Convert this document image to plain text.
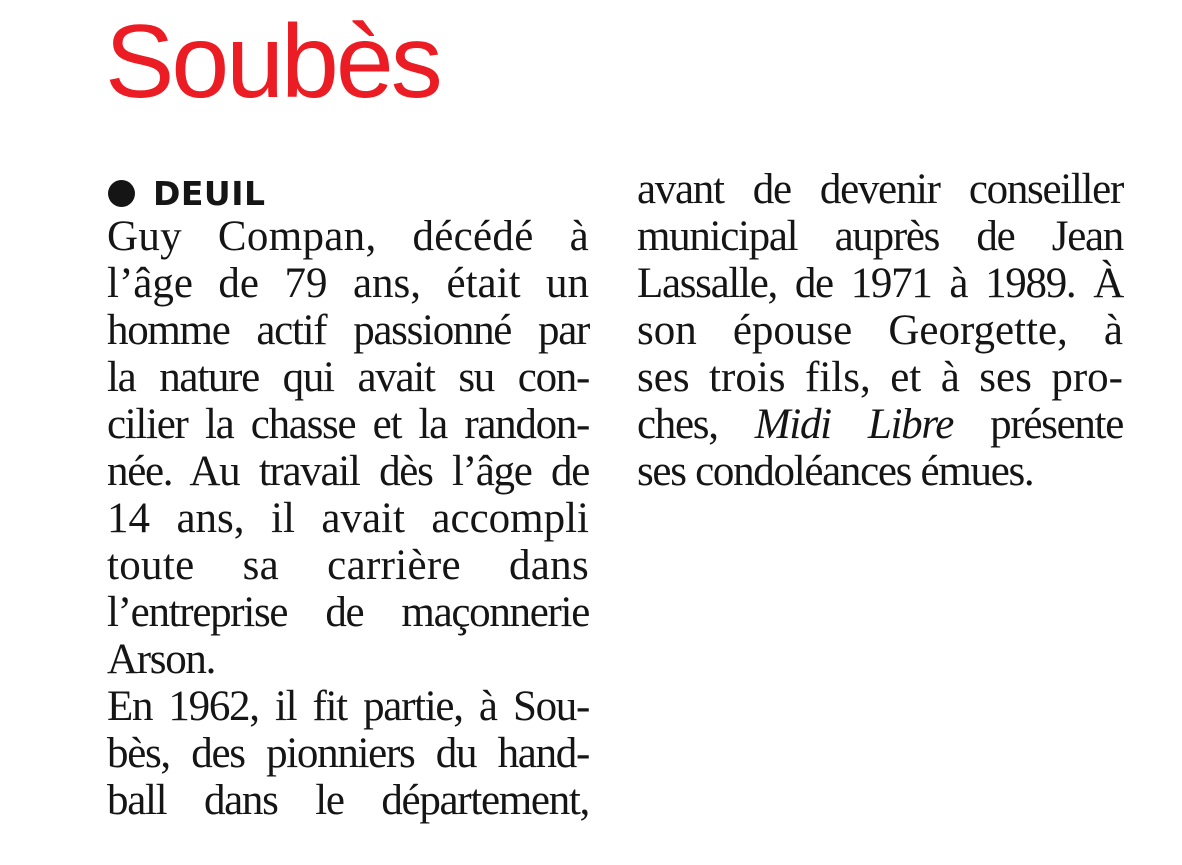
Soubès
DEUIL
Guy Compan, décédé à
l’âge de 79 ans, était un
homme actif passionné par
la nature qui avait su con-
cilier la chasse et la randon-
née. Au travail dès l’âge de
14 ans, il avait accompli
toute sa carrière dans
l’entreprise de maçonnerie
Arson.
En 1962, il fit partie, à Sou-
bès, des pionniers du hand-
ball dans le département,
avant de devenir conseiller
municipal auprès de Jean
Lassalle, de 1971 à 1989. À
son épouse Georgette, à
ses trois fils, et à ses pro-
ches, Midi Libre présente
ses condoléances émues.
